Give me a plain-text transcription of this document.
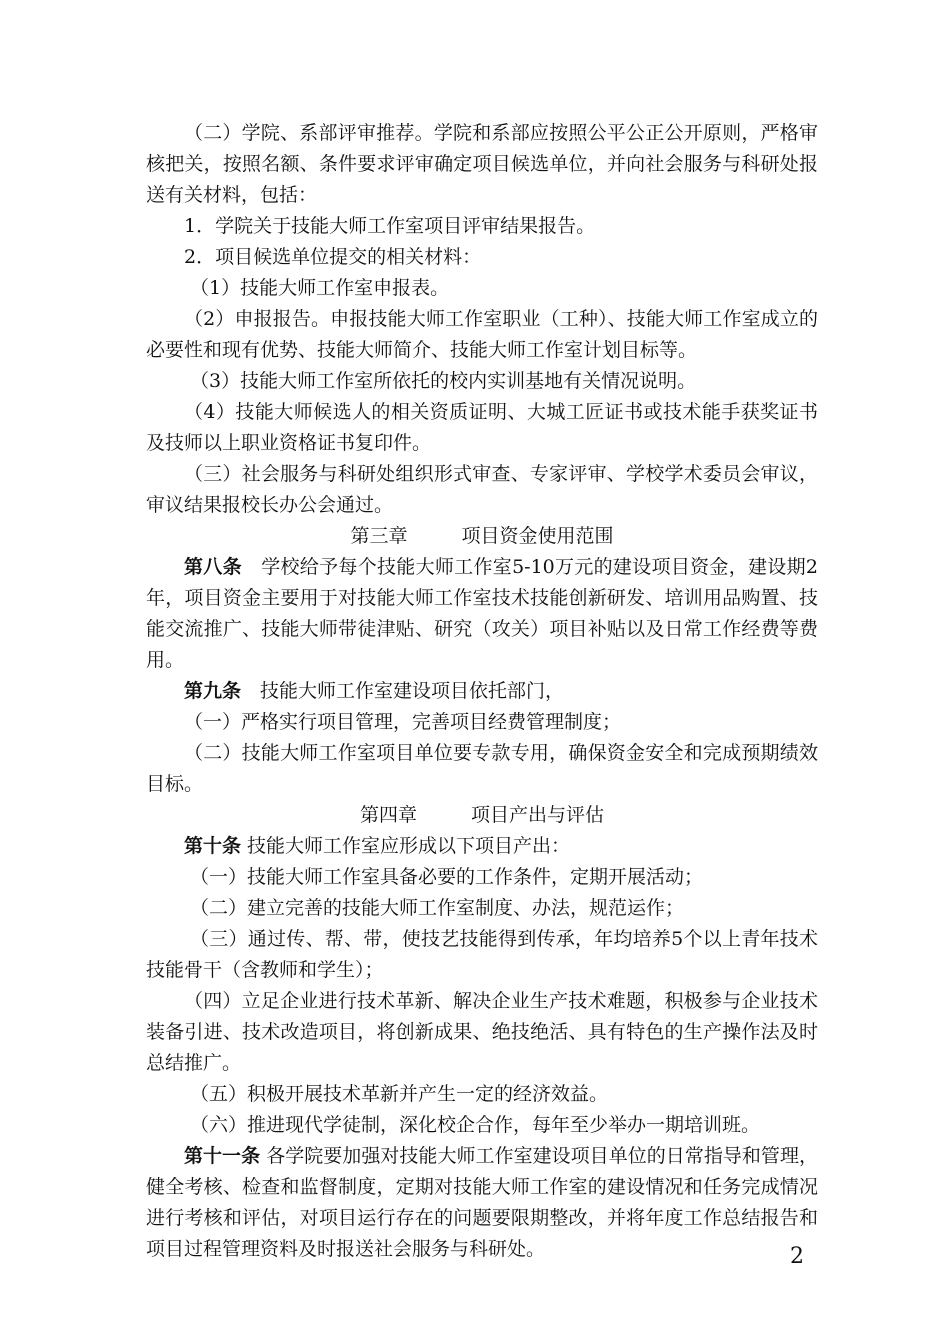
（二）学院、系部评审推荐。学院和系部应按照公平公正公开原则，严格审核把关，按照名额、条件要求评审确定项目候选单位，并向社会服务与科研处报送有关材料，包括：

1．学院关于技能大师工作室项目评审结果报告。

2．项目候选单位提交的相关材料：

（1）技能大师工作室申报表。

（2）申报报告。申报技能大师工作室职业（工种）、技能大师工作室成立的必要性和现有优势、技能大师简介、技能大师工作室计划目标等。

（3）技能大师工作室所依托的校内实训基地有关情况说明。

（4）技能大师候选人的相关资质证明、大城工匠证书或技术能手获奖证书及技师以上职业资格证书复印件。

（三）社会服务与科研处组织形式审查、专家评审、学校学术委员会审议，审议结果报校长办公会通过。

第三章	项目资金使用范围

第八条　学校给予每个技能大师工作室5-10万元的建设项目资金，建设期2年，项目资金主要用于对技能大师工作室技术技能创新研发、培训用品购置、技能交流推广、技能大师带徒津贴、研究（攻关）项目补贴以及日常工作经费等费用。

第九条　技能大师工作室建设项目依托部门，

（一）严格实行项目管理，完善项目经费管理制度；

（二）技能大师工作室项目单位要专款专用，确保资金安全和完成预期绩效目标。

第四章	项目产出与评估

第十条 技能大师工作室应形成以下项目产出：

（一）技能大师工作室具备必要的工作条件，定期开展活动；

（二）建立完善的技能大师工作室制度、办法，规范运作；

（三）通过传、帮、带，使技艺技能得到传承，年均培养5个以上青年技术技能骨干（含教师和学生）；

（四）立足企业进行技术革新、解决企业生产技术难题，积极参与企业技术装备引进、技术改造项目，将创新成果、绝技绝活、具有特色的生产操作法及时总结推广。

（五）积极开展技术革新并产生一定的经济效益。

（六）推进现代学徒制，深化校企合作，每年至少举办一期培训班。

第十一条 各学院要加强对技能大师工作室建设项目单位的日常指导和管理，健全考核、检查和监督制度，定期对技能大师工作室的建设情况和任务完成情况进行考核和评估，对项目运行存在的问题要限期整改，并将年度工作总结报告和项目过程管理资料及时报送社会服务与科研处。	2
